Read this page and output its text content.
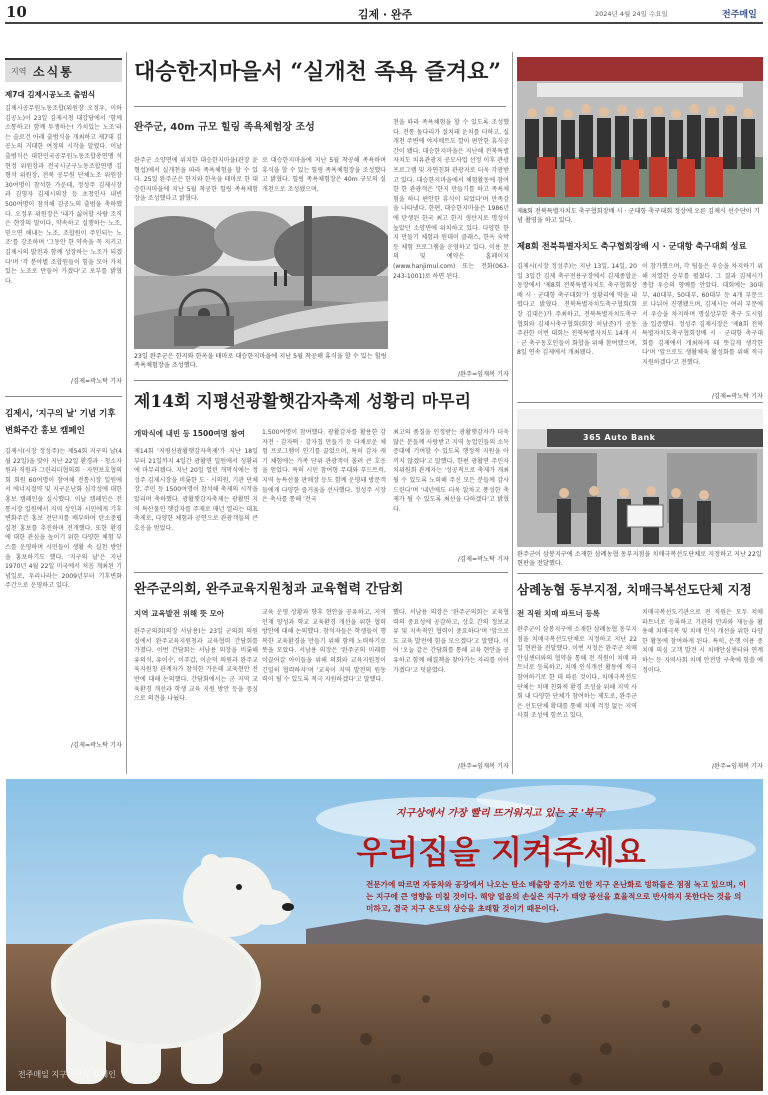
10	김제 · 완주	2024년 4월 24일 수요일	전주매일
지역 소식통
제7대 김제시공노조 출범식
김제시공무원노동조합(위원장 오정우, 이하 김공노)이 23일 김제시청 대강당에서 '함께 소통하고! 함께 투쟁하는! 가치있는 노조'라는 슬로건 아래 출범식을 개최하고 제7대 김공노의 거대한 여정의 시작을 알렸다. 이날 출범식은 대한민국공무원노동조합총연맹 석현정 위원장과 전국시군구노동조합연맹 김형석 위원장, 전북 공무원 단체노조 위원장 30여명이 참석한 가운데, 정성주 김제시장과 김영자 김제시의장 등 초청인사 내빈 500여명이 참석해 김공노의 출범을 축하했다. 오정우 위원장은 '내가 싫어할 사람 조직은 현장의 말이다, 약속하고 실행하는 노조, 믿으면 해내는 노조, 조합원이 주인되는 노조'를 강조하며 '그동안 한 약속을 꼭 지키고 김제시의 발전과 함께 성장하는 노조가 되겠다'며 '각 분야별 조합원들이 힘을 모아 가치있는 노조로 만들어 가겠다'고 포부를 밝혔다.
/김제=곽노탁 기자
김제시, '지구의 날' 기념 기후변화주간 홍보 캠페인
김제시(시장 정성주)는 제54회 지구의 날(4월 22일)을 맞아 지난 22일 환경과 · 청소자원과 직원과 그린리더협의회 · 자연보호협의회 회원 60여명이 참여해 전통시장 일원에서 에너지절약 및 지구온난화 심각성에 대한 홍보 캠페인을 실시했다. 이날 캠페인은 전통시장 일원에서 지역 상인과 시민에게 기후변화주간 홍보 전단지를 배부하며 탄소중립 실천 홍보를 추진하며 전개했다. 또한 환경에 대한 관심을 높이기 위한 다양한 체험 부스를 운영하며 시민들이 생활 속 실천 방안을 홍보하기도 했다. '지구의 날'은 지난 1970년 4월 22일 미국에서 처음 개최된 기념일로, 우리나라는 2009년부터 기후변화주간으로 운영하고 있다.
/김제=곽노탁 기자
대승한지마을서 “실개천 족욕 즐겨요”
완주군, 40m 규모 힐링 족욕체험장 조성
완주군 소양면에 위치한 대승한지마을(관장 윤형섭)에서 실개천을 따라 족욕체험을 할 수 있다. 25일 완주군은 한지와 한옥을 테마로 한 대승한지마을에 지난 5월 착공한 힐링 족욕체험장을 조성했다고 밝혔다.
로 대승한지마을에 지난 5월 착공해 족욕하며 휴식을 할 수 있는 힐링 족욕체험장을 조성했다고 밝혔다. 힐링 족욕체험장은 40m 규모의 실개천으로 조성됐으며,
천을 따라 족욕체험을 할 수 있도록 조성했다. 전통 돌다리가 설치돼 운치를 더하고, 실개천 주변에 야자매트도 깔아 편안한 휴식공간이 됐다. 대승한지마을은 지난해 전북특별자치도 치유관광지 공모사업 선정 이후 관광 프로그램 및 자연친화 관광지로 더욱 각광받고 있다. 대승한지마을에서 체험활동에 참여한 한 관광객은 '한지 만들기를 하고 족욕체험을 하니 편안한 휴식이 되었다'며 만족감을 나타냈다. 한편, 대승한지마을은 1986년에 탄생된 한국 최고 한지 생산지로 명성이 높았던 소양면에 위치하고 있다. 다양한 한지 만들기 체험과 원데이 클래스, 한옥 숙박 등 체험 프로그램을 운영하고 있다. 이용 문의 및 예약은 홈페이지(www.hanjimul.com) 또는 전화(063-243-1001)로 하면 된다.
23일 완주군은 한지와 한옥을 테마로 대승한지마을에 지난 5월 착공해 휴식을 할 수 있는 힐링 족욕체험장을 조성했다.
/완주=임재복 기자
제8회 전북특별자치도 축구협회장배 시 · 군대항 축구대회 정상에 오른 김제시 선수단이 기념 촬영을 하고 있다.
제8회 전북특별자치도 축구협회장배 시 · 군대항 축구대회 성료
김제시(시장 정성주)는 지난 13일, 14일, 20일 3일간 김제 축구전용구장에서 김제종합운동장에서 '제8회 전북특별자치도 축구협회장배 시 · 군대항 축구대회'가 성황리에 막을 내렸다고 밝혔다. 전북특별자치도축구협회(회장 김대은)가 주최하고, 전북특별자치도축구협회와 김제시축구협회(회장 허남준)가 공동 주관한 이번 대회는 전북특별자치도 14개 시 · 군 축구동호인들이 화합을 위해 참여했으며, 8일 연속 김제에서 개최됐다.
이 참가했으며, 각 팀들은 우승을 차지하기 위해 치열한 승부를 펼쳤다. 그 결과 김제시가 종합 우승의 영예를 안았다. 대회에는 30대부, 40대부, 50대부, 60대부 등 4개 부문으로 나뉘어 진행됐으며, 김제시는 여러 부문에서 우승을 차지하며 명실상부한 축구 도시임을 입증했다. 정성주 김제시장은 '제8회 전북특별자치도축구협회장배 시 · 군대항 축구대회를 김제에서 개최하게 돼 뜻깊게 생각한다'며 '앞으로도 생활체육 활성화를 위해 적극 지원하겠다'고 전했다.
/김제=곽노탁 기자
제14회 지평선광활햇감자축제 성황리 마무리
개막식에 내빈 등 1500여명 참여
제14회 '지평선광활햇감자축제'가 지난 18일부터 21일까지 4일간 광활면 일원에서 성황리에 마무리됐다. 지난 20일 열린 개막식에는 정성주 김제시장을 비롯한 도 · 시의원, 기관 단체장, 주민 등 1500여명이 참석해 축제의 시작을 알리며 축하했다. 광활햇감자축제는 광활면 지역 특산물인 햇감자를 주제로 매년 열리는 대표 축제로, 다양한 체험과 공연으로 관광객들의 큰 호응을 얻었다.
1,500여명이 참여했다. 광활감자를 활용한 감자전 · 감자떡 · 감자칩 만들기 등 다채로운 체험 프로그램이 인기를 끌었으며, 특히 감자 캐기 체험에는 가족 단위 관광객이 몰려 큰 호응을 얻었다. 특히 시민 참여형 무대와 푸드트럭, 지역 농특산물 판매장 등도 함께 운영돼 방문객들에게 다양한 즐거움을 선사했다. 정성주 시장은 축사를 통해 '전국
최고의 품질을 인정받는 광활햇감자가 더욱 많은 분들께 사랑받고 지역 농업인들의 소득증대에 기여할 수 있도록 행정적 지원을 아끼지 않겠다'고 말했다. 한편 광활면 주민자치위원회 관계자는 '성공적으로 축제가 개최될 수 있도록 노력해 주신 모든 분들께 감사드린다'며 '내년에도 더욱 알차고 풍성한 축제가 될 수 있도록 최선을 다하겠다'고 밝혔다.
/김제=곽노탁 기자
365 Auto Bank
완주군이 삼봉지구에 소재한 삼례농협 동부지점을 치매극복선도단체로 지정하고 지난 22일 현판을 전달했다.
삼례농협 동부지점, 치매극복선도단체 지정
전 직원 치매 파트너 등록
완주군이 삼봉지구에 소재한 삼례농협 동부지점을 치매극복선도단체로 지정하고 지난 22일 현판을 전달했다. 이번 지정은 완주군 치매안심센터와의 협약을 통해 전 직원이 치매 파트너로 등록하고, 치매 인식개선 활동에 적극 참여하기로 한 데 따른 것이다. 치매극복선도단체는 치매 친화적 환경 조성을 위해 지역 사회 내 다양한 단체가 참여하는 제도로, 완주군은 선도단체 확대를 통해 치매 걱정 없는 지역사회 조성에 힘쓰고 있다.
치매극복선도기관으로 전 직원은 모두 치매 파트너로 등록하고 기관의 안과와 재능을 활용해 치매극복 및 치매 인식 개선을 위한 다양한 활동에 참여하게 된다. 특히, 은행 이용 중 치매 의심 고객 발견 시 치매안심센터와 연계하는 등 지역사회 치매 안전망 구축에 힘쓸 예정이다.
/완주=임재복 기자
완주군의회, 완주교육지원청과 교육협력 간담회
지역 교육발전 위해 뜻 모아
완주군의회(의장 서남용)는 23일 군의회 의원실에서 완주교육지원청과 교육협력 간담회를 가졌다. 이번 간담회는 서남용 의장을 비롯해 유의식, 유이수, 이주갑, 이순덕 의원과 완주교육지원청 관계자가 참석한 가운데 교육현안 전반에 대해 논의했다. 간담회에서는 군 지역 교육환경 개선과 학생 교육 지원 방안 등을 중심으로 의견을 나눴다.
교육 운영 상황과 향후 현안을 공유하고, 지역인재 양성과 학교 교육환경 개선을 위한 협력 방안에 대해 논의했다. 참석자들은 학생들이 행복한 교육환경을 만들기 위해 함께 노력하기로 뜻을 모았다. 서남용 의장은 '완주군의 미래를 이끌어갈 아이들을 위해 의회와 교육지원청이 긴밀히 협력하자'며 '교육이 지역 발전의 원동력이 될 수 있도록 적극 지원하겠다'고 말했다.
했다. 서남용 의장은 '완주군의회는 교육협력의 중요성에 공감하고, 상호 간의 정보교류 및 지속적인 협력이 중요하다'며 '앞으로도 교육 발전에 힘을 모으겠다'고 말했다. 이어 '오늘 같은 간담회를 통해 교육 현안을 공유하고 함께 해결책을 찾아가는 자리를 이어가겠다'고 덧붙였다.
/완주=임재복 기자
지구상에서 가장 빨리 뜨거워지고 있는 곳 '북극'
우리집을 지켜주세요
전문가에 따르면 자동차와 공장에서 나오는 탄소 배출량 증가로 인한 지구 온난화로 빙하들은 점점 녹고 있으며, 이는 지구에 큰 영향을 미칠 것이다. 해양 얼음의 손실은 지구가 태양 광선을 효율적으로 반사하지 못한다는 것을 의미하고, 결국 지구 온도의 상승을 초래할 것이기 때문이다.
전주매일 지구온난화 캠페인
